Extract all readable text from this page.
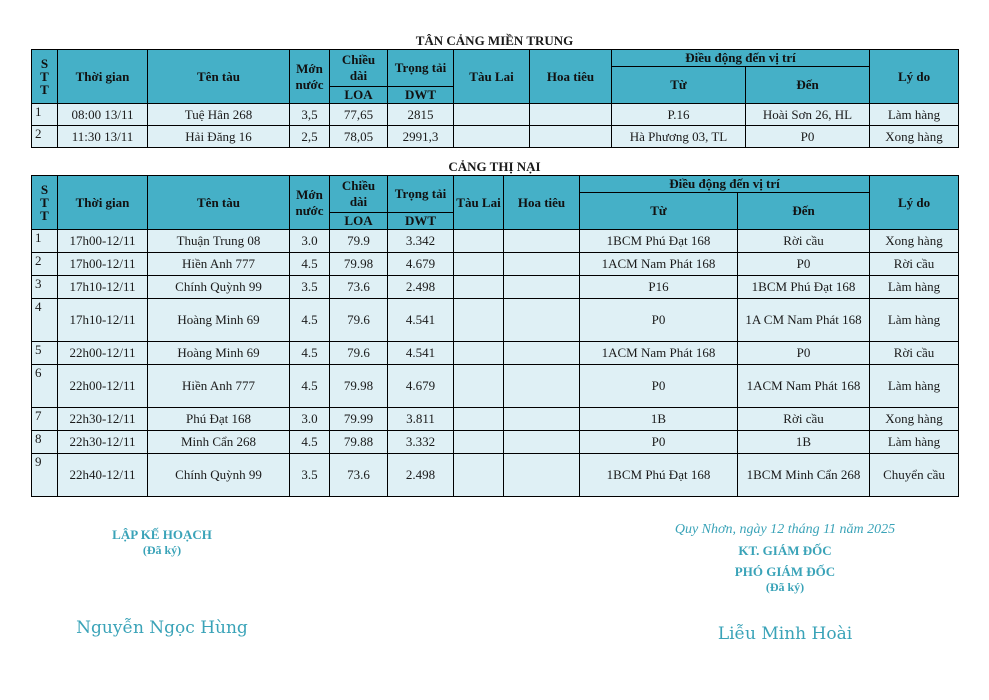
TÂN CẢNG MIỀN TRUNG
S
T
T	Thời gian	Tên tàu	Mớn nước	Chiều dài	Trọng tải	Tàu Lai	Hoa tiêu	Điều động đến vị trí		Lý do
								Từ	Đến	
				LOA	DWT					
1	08:00 13/11	Tuệ Hân 268	3,5	77,65	2815			P.16	Hoài Sơn 26, HL	Làm hàng
2	11:30 13/11	Hải Đăng 16	2,5	78,05	2991,3			Hà Phương 03, TL	P0	Xong hàng
CẢNG THỊ NẠI
S
T
T	Thời gian	Tên tàu	Mớn nước	Chiều dài	Trọng tải	Tàu Lai	Hoa tiêu	Điều động đến vị trí		Lý do
								Từ	Đến	
				LOA	DWT					
1	17h00-12/11	Thuận Trung 08	3.0	79.9	3.342			1BCM Phú Đạt 168	Rời cầu	Xong hàng
2	17h00-12/11	Hiền Anh 777	4.5	79.98	4.679			1ACM Nam Phát 168	P0	Rời cầu
3	17h10-12/11	Chính Quỳnh 99	3.5	73.6	2.498			P16	1BCM Phú Đạt 168	Làm hàng
4	17h10-12/11	Hoàng Minh 69	4.5	79.6	4.541			P0	1A CM Nam Phát 168	Làm hàng
5	22h00-12/11	Hoàng Minh 69	4.5	79.6	4.541			1ACM Nam Phát 168	P0	Rời cầu
6	22h00-12/11	Hiền Anh 777	4.5	79.98	4.679			P0	1ACM Nam Phát 168	Làm hàng
7	22h30-12/11	Phú Đạt 168	3.0	79.99	3.811			1B	Rời cầu	Xong hàng
8	22h30-12/11	Minh Cẩn 268	4.5	79.88	3.332			P0	1B	Làm hàng
9	22h40-12/11	Chính Quỳnh 99	3.5	73.6	2.498			1BCM Phú Đạt 168	1BCM Minh Cẩn 268	Chuyển cầu
LẬP KẾ HOẠCH
(Đã ký)
Nguyễn Ngọc Hùng
Quy Nhơn, ngày 12 tháng 11 năm 2025
KT. GIÁM ĐỐC
PHÓ GIÁM ĐỐC
(Đã ký)
Liễu Minh Hoài
